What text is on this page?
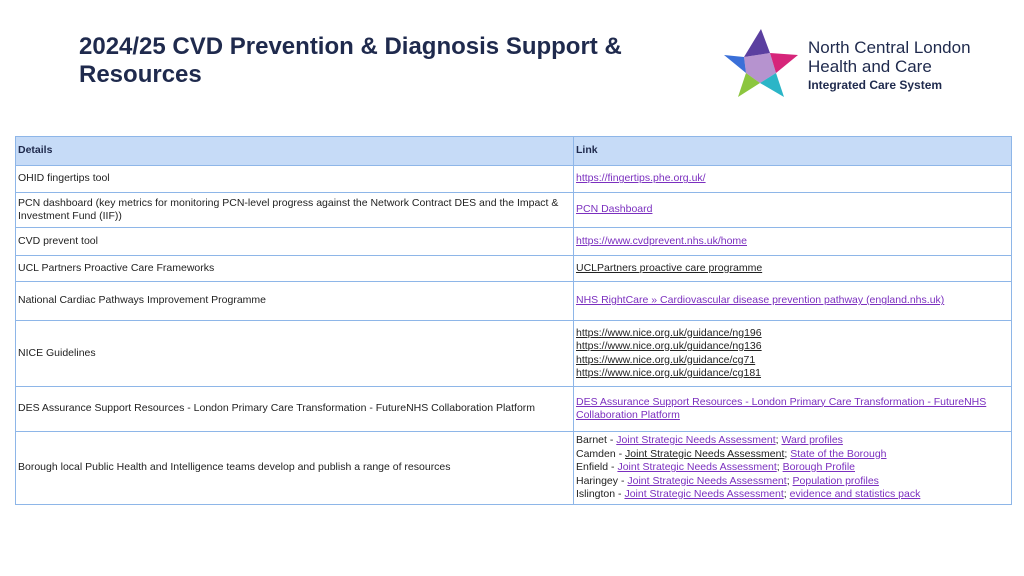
2024/25 CVD Prevention & Diagnosis Support & Resources
North Central London
Health and Care
Integrated Care System
Details	Link
OHID fingertips tool	https://fingertips.phe.org.uk/
PCN dashboard (key metrics for monitoring PCN-level progress against the Network Contract DES and the Impact & Investment Fund (IIF))	PCN Dashboard
CVD prevent tool	https://www.cvdprevent.nhs.uk/home
UCL Partners Proactive Care Frameworks	UCLPartners proactive care programme
National Cardiac Pathways Improvement Programme	NHS RightCare » Cardiovascular disease prevention pathway (england.nhs.uk)
NICE Guidelines	https://www.nice.org.uk/guidance/ng196
https://www.nice.org.uk/guidance/ng136
https://www.nice.org.uk/guidance/cg71
https://www.nice.org.uk/guidance/cg181

DES Assurance Support Resources - London Primary Care Transformation - FutureNHS Collaboration Platform	DES Assurance Support Resources - London Primary Care Transformation - FutureNHS Collaboration Platform
Borough local Public Health and Intelligence teams develop and publish a range of resources	Barnet - Joint Strategic Needs Assessment; Ward profiles
Camden - Joint Strategic Needs Assessment; State of the Borough
Enfield - Joint Strategic Needs Assessment; Borough Profile
Haringey - Joint Strategic Needs Assessment; Population profiles
Islington - Joint Strategic Needs Assessment; evidence and statistics pack
